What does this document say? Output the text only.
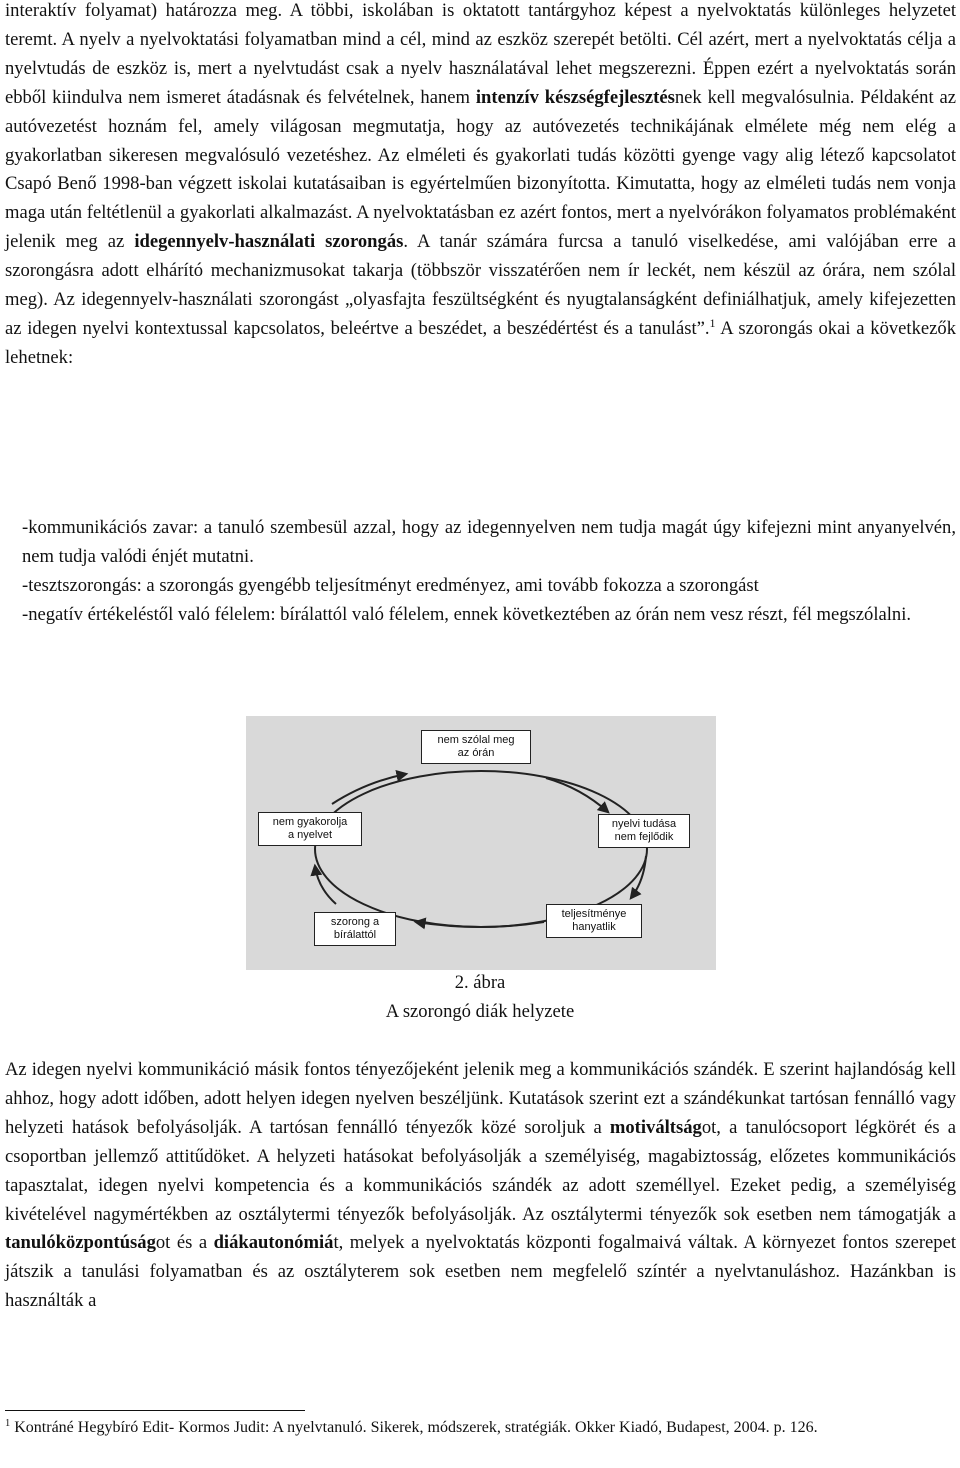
interaktív folyamat) határozza meg. A többi, iskolában is oktatott tantárgyhoz képest a nyelvoktatás különleges helyzetet teremt. A nyelv a nyelvoktatási folyamatban mind a cél, mind az eszköz szerepét betölti. Cél azért, mert a nyelvoktatás célja a nyelvtudás de eszköz is, mert a nyelvtudást csak a nyelv használatával lehet megszerezni. Éppen ezért a nyelvoktatás során ebből kiindulva nem ismeret átadásnak és felvételnek, hanem intenzív készségfejlesztésnek kell megvalósulnia. Példaként az autóvezetést hoznám fel, amely világosan megmutatja, hogy az autóvezetés technikájának elmélete még nem elég a gyakorlatban sikeresen megvalósuló vezetéshez. Az elméleti és gyakorlati tudás közötti gyenge vagy alig létező kapcsolatot Csapó Benő 1998-ban végzett iskolai kutatásaiban is egyértelműen bizonyította. Kimutatta, hogy az elméleti tudás nem vonja maga után feltétlenül a gyakorlati alkalmazást. A nyelvoktatásban ez azért fontos, mert a nyelvórákon folyamatos problémaként jelenik meg az idegennyelv-használati szorongás. A tanár számára furcsa a tanuló viselkedése, ami valójában erre a szorongásra adott elhárító mechanizmusokat takarja (többször visszatérően nem ír leckét, nem készül az órára, nem szólal meg). Az idegennyelv-használati szorongást „olyasfajta feszültségként és nyugtalanságként definiálhatjuk, amely kifejezetten az idegen nyelvi kontextussal kapcsolatos, beleértve a beszédet, a beszédértést és a tanulást”.$^1$ A szorongás okai a következők lehetnek:

-kommunikációs zavar: a tanuló szembesül azzal, hogy az idegennyelven nem tudja magát úgy kifejezni mint anyanyelvén, nem tudja valódi énjét mutatni.

-tesztszorongás: a szorongás gyengébb teljesítményt eredményez, ami tovább fokozza a szorongást

-negatív értékeléstől való félelem: bírálattól való félelem, ennek következtében az órán nem vesz részt, fél megszólalni.

nem szólal meg
az órán
nyelvi tudása
nem fejlődik
teljesítménye
hanyatlik
szorong a
bírálattól
nem gyakorolja
a nyelvet
2. ábra
A szorongó diák helyzete

Az idegen nyelvi kommunikáció másik fontos tényezőjeként jelenik meg a kommunikációs szándék. E szerint hajlandóság kell ahhoz, hogy adott időben, adott helyen idegen nyelven beszéljünk. Kutatások szerint ezt a szándékunkat tartósan fennálló vagy helyzeti hatások befolyásolják. A tartósan fennálló tényezők közé soroljuk a motiváltságot, a tanulócsoport légkörét és a csoportban jellemző attitűdöket. A helyzeti hatásokat befolyásolják a személyiség, magabiztosság, előzetes kommunikációs tapasztalat, idegen nyelvi kompetencia és a kommunikációs szándék az adott személlyel. Ezeket pedig, a személyiség kivételével nagymértékben az osztálytermi tényezők befolyásolják. Az osztálytermi tényezők sok esetben nem támogatják a tanulóközpontúságot és a diákautonómiát, melyek a nyelvoktatás központi fogalmaivá váltak. A környezet fontos szerepet játszik a tanulási folyamatban és az osztályterem sok esetben nem megfelelő színtér a nyelvtanuláshoz. Hazánkban is használták a

$^1$ Kontráné Hegybíró Edit- Kormos Judit: A nyelvtanuló. Sikerek, módszerek, stratégiák. Okker Kiadó, Budapest, 2004. p. 126.
